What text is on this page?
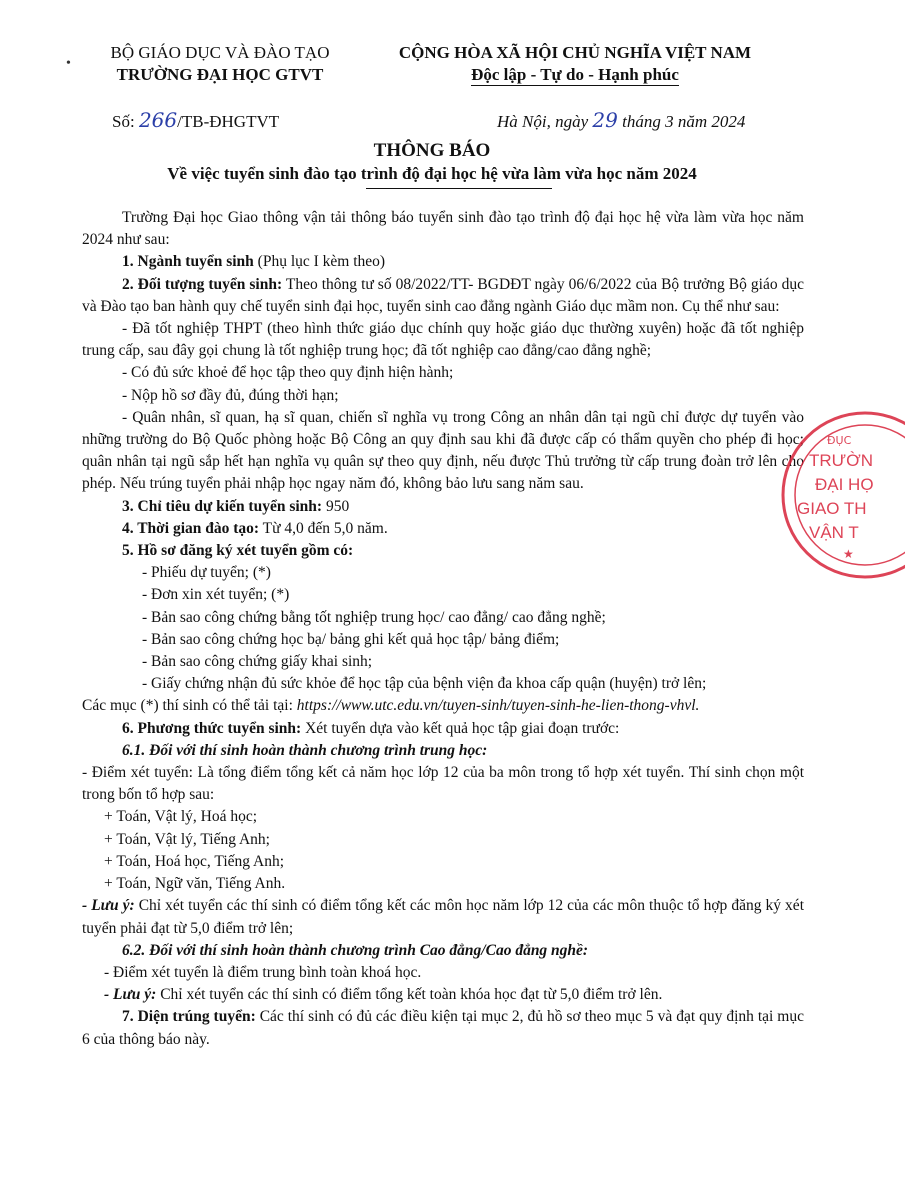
BỘ GIÁO DỤC VÀ ĐÀO TẠO
TRƯỜNG ĐẠI HỌC GTVT
CỘNG HÒA XÃ HỘI CHỦ NGHĨA VIỆT NAM
Độc lập - Tự do - Hạnh phúc
Số: 266/TB-ĐHGTVT	Hà Nội, ngày 29 tháng 3 năm 2024
THÔNG BÁO
Về việc tuyển sinh đào tạo trình độ đại học hệ vừa làm vừa học năm 2024

Trường Đại học Giao thông vận tải thông báo tuyển sinh đào tạo trình độ đại học hệ vừa làm vừa học năm 2024 như sau:

1. Ngành tuyển sinh (Phụ lục I kèm theo)

2. Đối tượng tuyển sinh: Theo thông tư số 08/2022/TT- BGDĐT ngày 06/6/2022 của Bộ trưởng Bộ giáo dục và Đào tạo ban hành quy chế tuyển sinh đại học, tuyển sinh cao đẳng ngành Giáo dục mầm non. Cụ thể như sau:

- Đã tốt nghiệp THPT (theo hình thức giáo dục chính quy hoặc giáo dục thường xuyên) hoặc đã tốt nghiệp trung cấp, sau đây gọi chung là tốt nghiệp trung học; đã tốt nghiệp cao đẳng/cao đẳng nghề;

- Có đủ sức khoẻ để học tập theo quy định hiện hành;

- Nộp hồ sơ đầy đủ, đúng thời hạn;

- Quân nhân, sĩ quan, hạ sĩ quan, chiến sĩ nghĩa vụ trong Công an nhân dân tại ngũ chỉ được dự tuyển vào những trường do Bộ Quốc phòng hoặc Bộ Công an quy định sau khi đã được cấp có thẩm quyền cho phép đi học; quân nhân tại ngũ sắp hết hạn nghĩa vụ quân sự theo quy định, nếu được Thủ trưởng từ cấp trung đoàn trở lên cho phép. Nếu trúng tuyển phải nhập học ngay năm đó, không bảo lưu sang năm sau.

3. Chỉ tiêu dự kiến tuyển sinh: 950

4. Thời gian đào tạo: Từ 4,0 đến 5,0 năm.

5. Hồ sơ đăng ký xét tuyển gồm có:

- Phiếu dự tuyển; (*)

- Đơn xin xét tuyển; (*)

- Bản sao công chứng bằng tốt nghiệp trung học/ cao đẳng/ cao đẳng nghề;

- Bản sao công chứng học bạ/ bảng ghi kết quả học tập/ bảng điểm;

- Bản sao công chứng giấy khai sinh;

- Giấy chứng nhận đủ sức khỏe để học tập của bệnh viện đa khoa cấp quận (huyện) trở lên;

Các mục (*) thí sinh có thể tải tại: https://www.utc.edu.vn/tuyen-sinh/tuyen-sinh-he-lien-thong-vhvl.

6. Phương thức tuyển sinh: Xét tuyển dựa vào kết quả học tập giai đoạn trước:

6.1. Đối với thí sinh hoàn thành chương trình trung học:

- Điểm xét tuyển: Là tổng điểm tổng kết cả năm học lớp 12 của ba môn trong tổ hợp xét tuyển. Thí sinh chọn một trong bốn tổ hợp sau:

+ Toán, Vật lý, Hoá học;

+ Toán, Vật lý, Tiếng Anh;

+ Toán, Hoá học, Tiếng Anh;

+ Toán, Ngữ văn, Tiếng Anh.

- Lưu ý: Chỉ xét tuyển các thí sinh có điểm tổng kết các môn học năm lớp 12 của các môn thuộc tổ hợp đăng ký xét tuyển phải đạt từ 5,0 điểm trở lên;

6.2. Đối với thí sinh hoàn thành chương trình Cao đẳng/Cao đẳng nghề:

- Điểm xét tuyển là điểm trung bình toàn khoá học.

- Lưu ý: Chỉ xét tuyển các thí sinh có điểm tổng kết toàn khóa học đạt từ 5,0 điểm trở lên.

7. Diện trúng tuyển: Các thí sinh có đủ các điều kiện tại mục 2, đủ hồ sơ theo mục 5 và đạt quy định tại mục 6 của thông báo này.

ĐỤC
TRƯỜN
ĐẠI HỌ
GIAO TH
VẬN T
★
•
